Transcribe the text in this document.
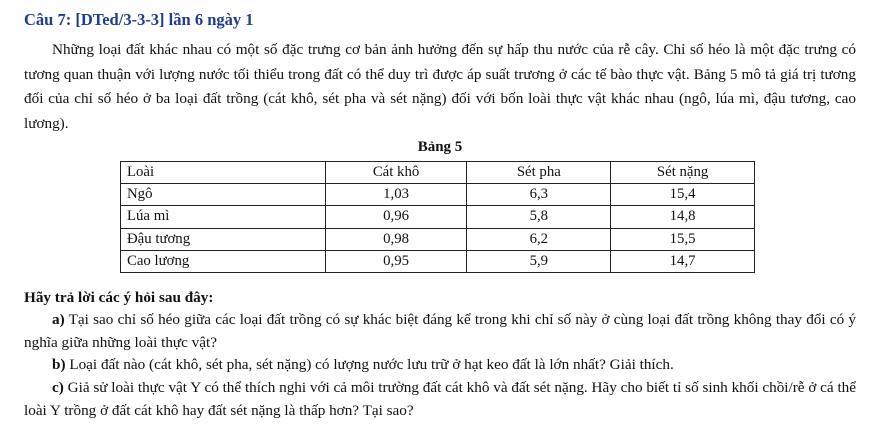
Câu 7: [DTed/3-3-3] lần 6 ngày 1

Những loại đất khác nhau có một số đặc trưng cơ bản ảnh hưởng đến sự hấp thu nước của rễ cây. Chỉ số héo là một đặc trưng có tương quan thuận với lượng nước tối thiểu trong đất có thể duy trì được áp suất trương ở các tế bào thực vật. Bảng 5 mô tả giá trị tương đối của chỉ số héo ở ba loại đất trồng (cát khô, sét pha và sét nặng) đối với bốn loài thực vật khác nhau (ngô, lúa mì, đậu tương, cao lương).

Bảng 5
Loài	Cát khô	Sét pha	Sét nặng
Ngô	1,03	6,3	15,4
Lúa mì	0,96	5,8	14,8
Đậu tương	0,98	6,2	15,5
Cao lương	0,95	5,9	14,7
Hãy trả lời các ý hỏi sau đây:

a) Tại sao chỉ số héo giữa các loại đất trồng có sự khác biệt đáng kể trong khi chỉ số này ở cùng loại đất trồng không thay đổi có ý nghĩa giữa những loài thực vật?

b) Loại đất nào (cát khô, sét pha, sét nặng) có lượng nước lưu trữ ở hạt keo đất là lớn nhất? Giải thích.

c) Giả sử loài thực vật Y có thể thích nghi với cả môi trường đất cát khô và đất sét nặng. Hãy cho biết tỉ số sinh khối chồi/rễ ở cá thể loài Y trồng ở đất cát khô hay đất sét nặng là thấp hơn? Tại sao?
